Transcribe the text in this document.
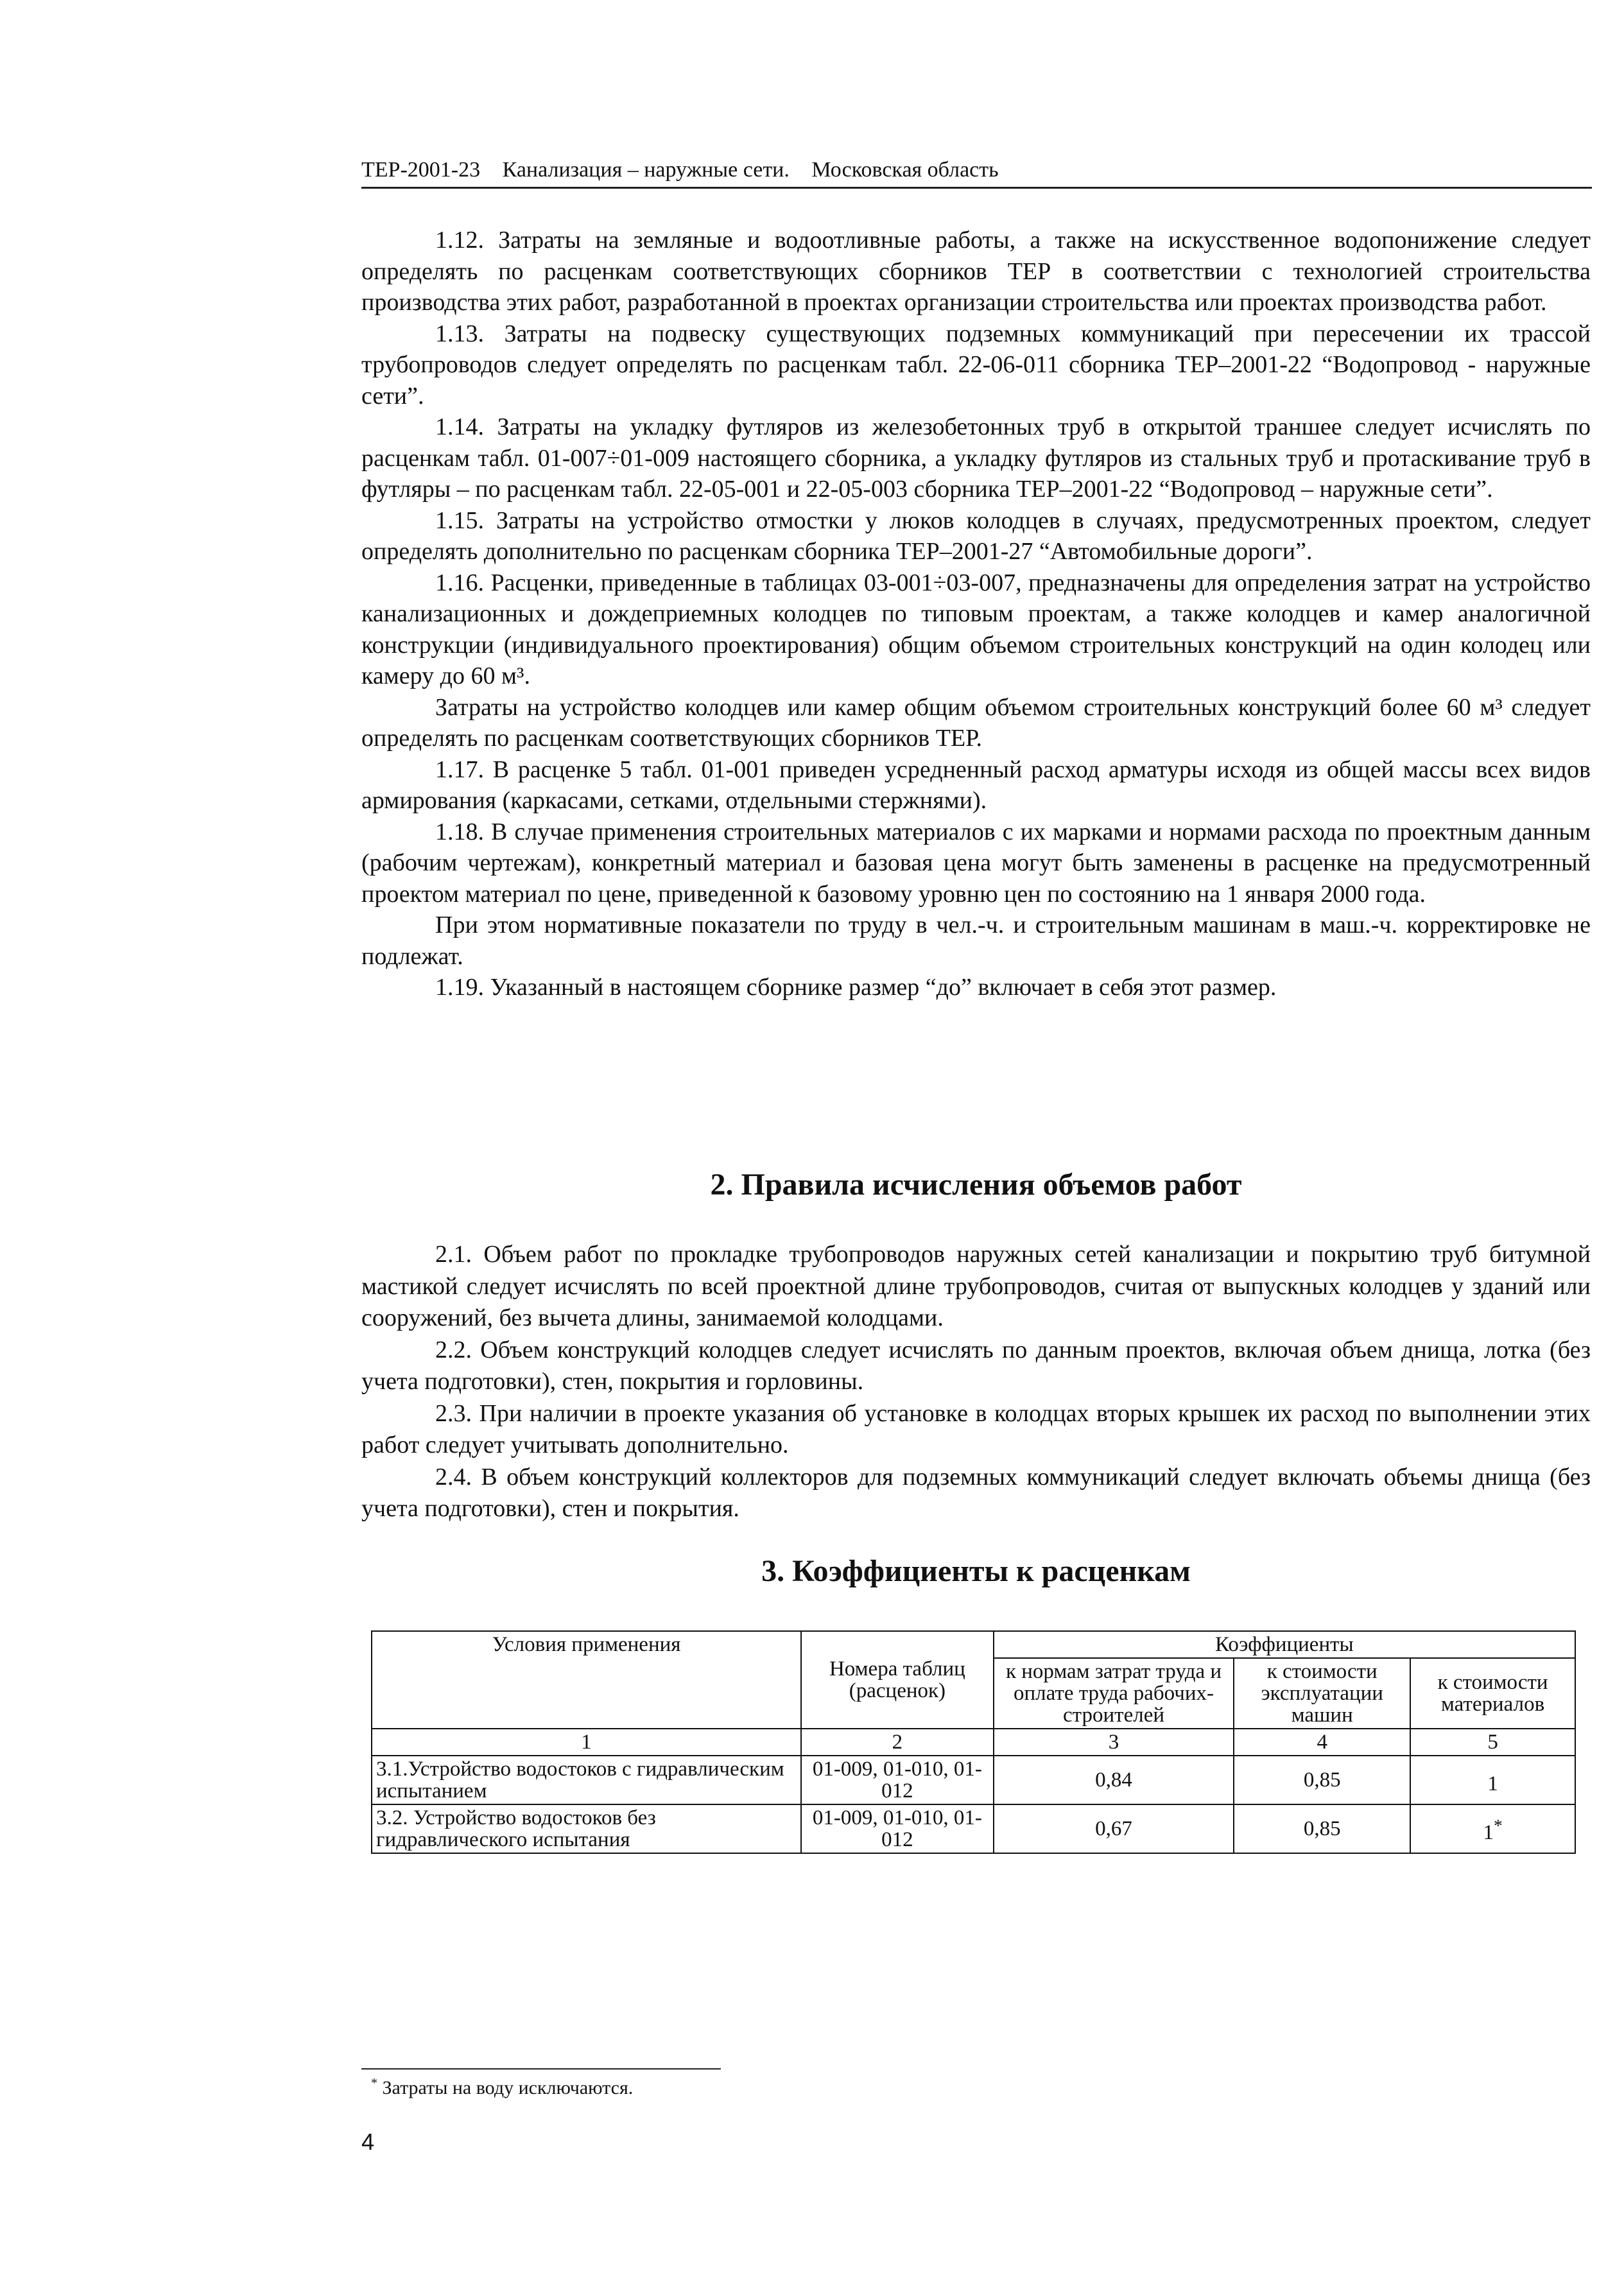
ТЕР-2001-23 Канализация – наружные сети. Московская область

1.12. Затраты на земляные и водоотливные работы, а также на искусственное водопонижение следует определять по расценкам соответствующих сборников ТЕР в соответствии с технологией строительства производства этих работ, разработанной в проектах организации строительства или проектах производства работ.

1.13. Затраты на подвеску существующих подземных коммуникаций при пересечении их трассой трубопроводов следует определять по расценкам табл. 22-06-011 сборника ТЕР–2001-22 “Водопровод - наружные сети”.

1.14. Затраты на укладку футляров из железобетонных труб в открытой траншее следует исчислять по расценкам табл. 01-007÷01-009 настоящего сборника, а укладку футляров из стальных труб и протаскивание труб в футляры – по расценкам табл. 22-05-001 и 22-05-003 сборника ТЕР–2001-22 “Водопровод – наружные сети”.

1.15. Затраты на устройство отмостки у люков колодцев в случаях, предусмотренных проектом, следует определять дополнительно по расценкам сборника ТЕР–2001-27 “Автомобильные дороги”.

1.16. Расценки, приведенные в таблицах 03-001÷03-007, предназначены для определения затрат на устройство канализационных и дождеприемных колодцев по типовым проектам, а также колодцев и камер аналогичной конструкции (индивидуального проектирования) общим объемом строительных конструкций на один колодец или камеру до 60 м³.

Затраты на устройство колодцев или камер общим объемом строительных конструкций более 60 м³ следует определять по расценкам соответствующих сборников ТЕР.

1.17. В расценке 5 табл. 01-001 приведен усредненный расход арматуры исходя из общей массы всех видов армирования (каркасами, сетками, отдельными стержнями).

1.18. В случае применения строительных материалов с их марками и нормами расхода по проектным данным (рабочим чертежам), конкретный материал и базовая цена могут быть заменены в расценке на предусмотренный проектом материал по цене, приведенной к базовому уровню цен по состоянию на 1 января 2000 года.

При этом нормативные показатели по труду в чел.-ч. и строительным машинам в маш.-ч. корректировке не подлежат.

1.19. Указанный в настоящем сборнике размер “до” включает в себя этот размер.

2. Правила исчисления объемов работ

2.1. Объем работ по прокладке трубопроводов наружных сетей канализации и покрытию труб битумной мастикой следует исчислять по всей проектной длине трубопроводов, считая от выпускных колодцев у зданий или сооружений, без вычета длины, занимаемой колодцами.

2.2. Объем конструкций колодцев следует исчислять по данным проектов, включая объем днища, лотка (без учета подготовки), стен, покрытия и горловины.

2.3. При наличии в проекте указания об установке в колодцах вторых крышек их расход по выполнении этих работ следует учитывать дополнительно.

2.4. В объем конструкций коллекторов для подземных коммуникаций следует включать объемы днища (без учета подготовки), стен и покрытия.

3. Коэффициенты к расценкам
Условия применения	Номера таблиц (расценок)	Коэффициенты		
		к нормам затрат труда и оплате труда рабочих-строителей	к стоимости эксплуатации машин	к стоимости материалов
1	2	3	4	5
3.1.Устройство водостоков с гидравлическим испытанием	01-009, 01-010, 01-012	0,84	0,85	1
3.2. Устройство водостоков без гидравлического испытания	01-009, 01-010, 01-012	0,67	0,85	1*
* Затраты на воду исключаются.
4
